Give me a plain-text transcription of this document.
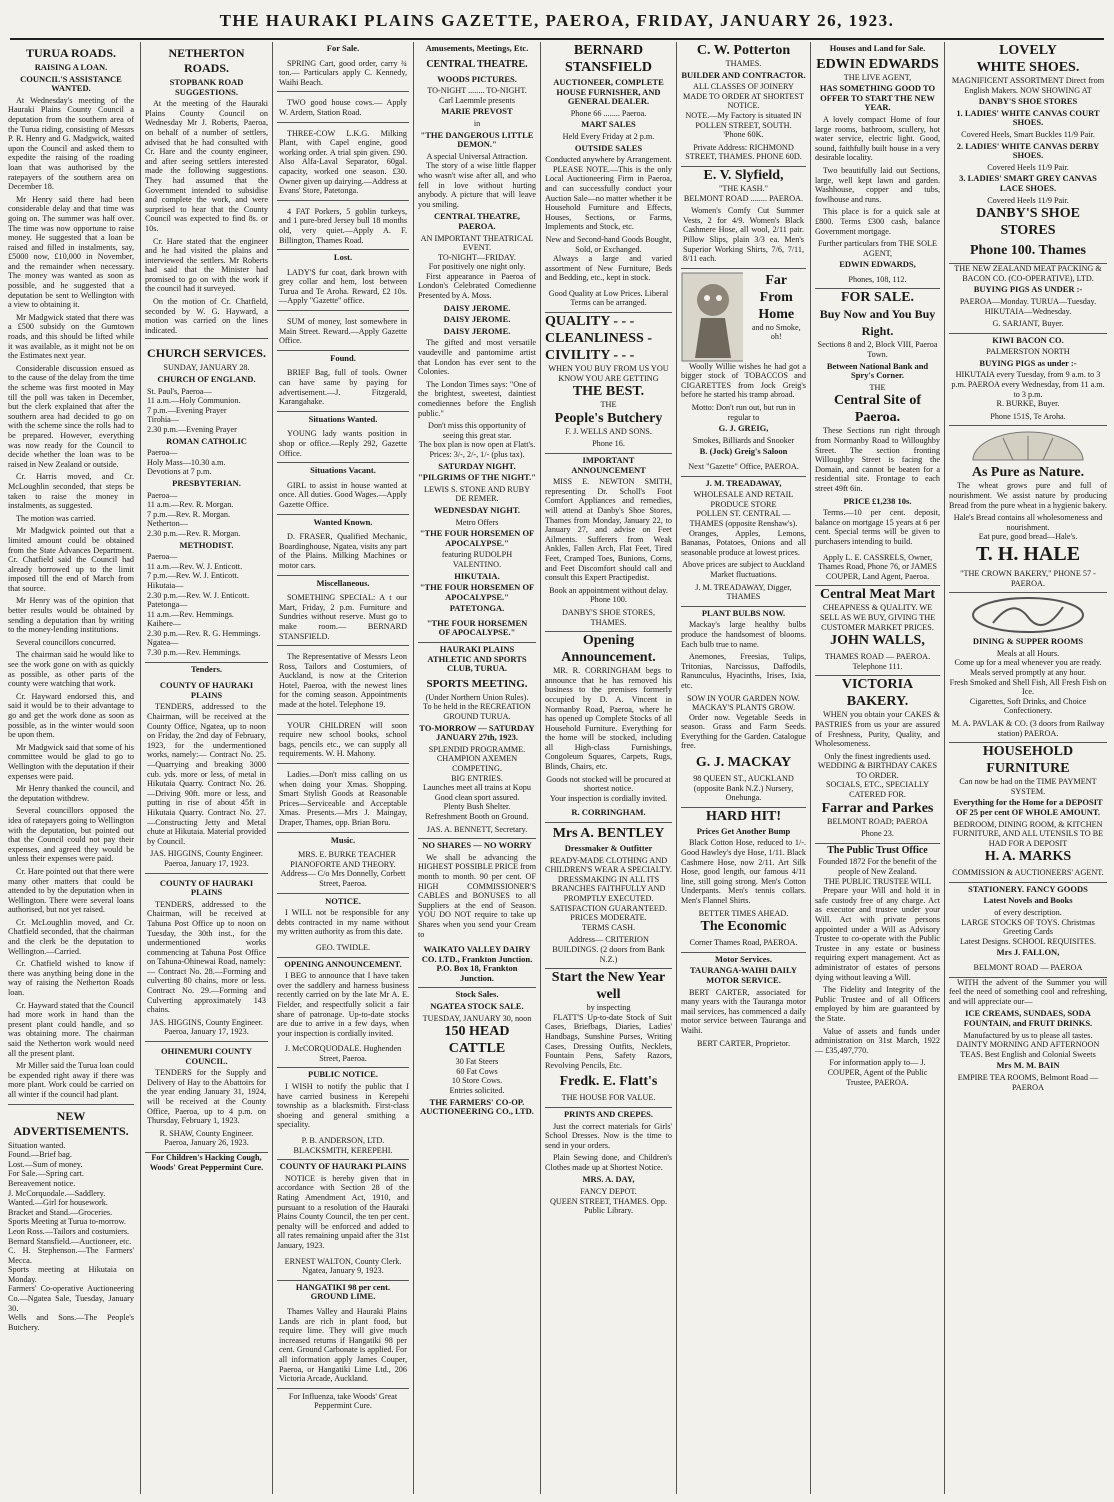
THE HAURAKI PLAINS GAZETTE, PAEROA, FRIDAY, JANUARY 26, 1923.
TURUA ROADS.
RAISING A LOAN.
COUNCIL'S ASSISTANCE WANTED.

At Wednesday's meeting of the Hauraki Plains County Council a deputation from the southern area of the Turua riding, consisting of Messrs P. R. Henry and G. Madgwick, waited upon the Council and asked them to expedite the raising of the roading loan that was authorised by the ratepayers of the southern area on December 18.

Mr Henry said there had been considerable delay and that time was going on. The summer was half over. The time was now opportune to raise money. He suggested that a loan be raised and filled in instalments, say, £5000 now, £10,000 in November, and the remainder when necessary. The money was wanted as soon as possible, and he suggested that a deputation be sent to Wellington with a view to obtaining it.

Mr Madgwick stated that there was a £500 subsidy on the Gumtown roads, and this should be lifted while it was available, as it might not be on the Estimates next year.

Considerable discussion ensued as to the cause of the delay from the time the scheme was first mooted in May till the poll was taken in December, but the clerk explained that after the southern area had decided to go on with the scheme since the rolls had to be prepared. However, everything was now ready for the Council to decide whether the loan was to be raised in New Zealand or outside.

Cr. Harris moved, and Cr. McLoughlin seconded, that steps be taken to raise the money in instalments, as suggested.

The motion was carried.

Mr Madgwick pointed out that a limited amount could be obtained from the State Advances Department. Cr. Chatfield said the Council had already borrowed up to the limit imposed till the end of March from that source.

Mr Henry was of the opinion that better results would be obtained by sending a deputation than by writing to the money-lending institutions.

Several councillors concurred.

The chairman said he would like to see the work gone on with as quickly as possible, as other parts of the county were watching that work.

Cr. Hayward endorsed this, and said it would be to their advantage to go and get the work done as soon as possible, as in the winter would soon be upon them.

Mr Madgwick said that some of his committee would be glad to go to Wellington with the deputation if their expenses were paid.

Mr Henry thanked the council, and the deputation withdrew.

Several councillors opposed the idea of ratepayers going to Wellington with the deputation, but pointed out that the Council could not pay their expenses, and agreed they would be unless their expenses were paid.

Cr. Hare pointed out that there were many other matters that could be attended to by the deputation when in Wellington. There were several loans authorised, but not yet raised.

Cr. McLoughlin moved, and Cr. Chatfield seconded, that the chairman and the clerk be the deputation to Wellington.—Carried.

Cr. Chatfield wished to know if there was anything being done in the way of raising the Netherton Roads loan.

Cr. Hayward stated that the Council had more work in hand than the present plant could handle, and so was obtaining more. The chairman said the Netherton work would need all the present plant.

Mr Miller said the Turua loan could be expended right away if there was more plant. Work could be carried on all winter if the council had plant.

NEW ADVERTISEMENTS.
Situation wanted.
Found.—Brief bag.
Lost.—Sum of money.
For Sale.—Spring cart.
Bereavement notice.
J. McCorquodale.—Saddlery.
Wanted.—Girl for housework.
Bracket and Stand.—Groceries.
Sports Meeting at Turua to-morrow.
Leon Ross.—Tailors and costumiers.
Bernard Stansfield.—Auctioneer, etc.
C. H. Stephenson.—The Farmers' Mecca.
Sports meeting at Hikutaia on Monday.
Farmers' Co-operative Auctioneering Co.—Ngatea Sale, Tuesday, January 30.
Wells and Sons.—The People's Butchery.
NETHERTON ROADS.
STOPBANK ROAD SUGGESTIONS.

At the meeting of the Hauraki Plains County Council on Wednesday Mr J. Roberts, Paeroa, on behalf of a number of settlers, advised that he had consulted with Cr. Hare and the county engineer, and after seeing settlers interested made the following suggestions. They had assumed that the Government intended to subsidise and complete the work, and were surprised to hear that the County Council was expected to find 8s. or 10s.

Cr. Hare stated that the engineer and he had visited the plains and interviewed the settlers. Mr Roberts had said that the Minister had promised to go on with the work if the council had it surveyed.

On the motion of Cr. Chatfield, seconded by W. G. Hayward, a motion was carried on the lines indicated.

CHURCH SERVICES.
SUNDAY, JANUARY 28.
CHURCH OF ENGLAND.
St. Paul's, Paeroa—
11 a.m.—Holy Communion.
7 p.m.—Evening Prayer
Tirohia—
2.30 p.m.—Evening Prayer
ROMAN CATHOLIC
Paeroa—
Holy Mass—10.30 a.m.
Devotions at 7 p.m.
PRESBYTERIAN.
Paeroa—
11 a.m.—Rev. R. Morgan.
7 p.m.—Rev. R. Morgan.
Netherton—
2.30 p.m.—Rev. R. Morgan.
METHODIST.
Paeroa—
11 a.m.—Rev. W. J. Enticott.
7 p.m.—Rev. W. J. Enticott.
Hikutaia—
2.30 p.m.—Rev. W. J. Enticott.
Patetonga—
11 a.m.—Rev. Hemmings.
Kaihere—
2.30 p.m.—Rev. R. G. Hemmings.
Ngatea—
7.30 p.m.—Rev. Hemmings.
Tenders.
COUNTY OF HAURAKI PLAINS

TENDERS, addressed to the Chairman, will be received at the County Office, Ngatea, up to noon on Friday, the 2nd day of February, 1923, for the undermentioned works, namely:— Contract No. 25.—Quarrying and breaking 3000 cub. yds. more or less, of metal in Hikutaia Quarry. Contract No. 26.—Driving 90ft. more or less, and putting in rise of about 45ft in Hikutaia Quarry. Contract No. 27.—Constructing Jetty and Metal chute at Hikutaia. Material provided by Council.

JAS. HIGGINS, County Engineer. Paeroa, January 17, 1923.
COUNTY OF HAURAKI PLAINS

TENDERS, addressed to the Chairman, will be received at Tahuna Post Office up to noon on Tuesday, the 30th inst., for the undermentioned works commencing at Tahuna Post Office on Tahuna-Ohinewai Road, namely:— Contract No. 28.—Forming and culverting 80 chains, more or less. Contract No. 29.—Forming and Culverting approximately 143 chains.

JAS. HIGGINS, County Engineer. Paeroa, January 17, 1923.
OHINEMURI COUNTY COUNCIL.

TENDERS for the Supply and Delivery of Hay to the Abattoirs for the year ending January 31, 1924, will be received at the County Office, Paeroa, up to 4 p.m. on Thursday, February 1, 1923.

R. SHAW, County Engineer. Paeroa, January 26, 1923.
For Children's Hacking Cough, Woods' Great Peppermint Cure.
For Sale.

SPRING Cart, good order, carry ¾ ton.— Particulars apply C. Kennedy, Waihi Beach.

TWO good house cows.— Apply W. Ardern, Station Road.

THREE-COW L.K.G. Milking Plant, with Capel engine, good working order. A trial spin given. £90. Also Alfa-Laval Separator, 60gal. capacity, worked one season. £30. Owner given up dairying.—Address at Evans' Store, Patetonga.

4 FAT Porkers, 5 goblin turkeys, and 1 pure-bred Jersey bull 18 months old, very quiet.—Apply A. F. Billington, Thames Road.

Lost.

LADY'S fur coat, dark brown with grey collar and hem, lost between Turua and Te Aroha. Reward, £2 10s.—Apply "Gazette" office.

SUM of money, lost somewhere in Main Street. Reward.—Apply Gazette Office.

Found.

BRIEF Bag, full of tools. Owner can have same by paying for advertisement.—J. Fitzgerald, Karangahake.

Situations Wanted.

YOUNG lady wants position in shop or office.—Reply 292, Gazette Office.

Situations Vacant.

GIRL to assist in house wanted at once. All duties. Good Wages.—Apply Gazette Office.

Wanted Known.

D. FRASER, Qualified Mechanic, Boardinghouse, Ngatea, visits any part of the Plains. Milking Machines or motor cars.

Miscellaneous.

SOMETHING SPECIAL: A t our Mart, Friday, 2 p.m. Furniture and Sundries without reserve. Must go to make room.— BERNARD STANSFIELD.

The Representative of Messrs Leon Ross, Tailors and Costumiers, of Auckland, is now at the Criterion Hotel, Paeroa, with the newest lines for the coming season. Appointments made at the hotel. Telephone 19.

YOUR CHILDREN will soon require new school books, school bags, pencils etc., we can supply all requirements. W. H. Mahony.

Ladies.—Don't miss calling on us when doing your Xmas. Shopping. Smart Stylish Goods at Reasonable Prices—Serviceable and Acceptable Xmas. Presents.—Mrs J. Maingay, Draper, Thames, opp. Brian Boru.

Music.

MRS. E. BURKE TEACHER PIANOFORTE AND THEORY. Address— C/o Mrs Donnelly, Corbett Street, Paeroa.

NOTICE.

I WILL not be responsible for any debts contracted in my name without my written authority as from this date.

GEO. TWIDLE.
OPENING ANNOUNCEMENT.

I BEG to announce that I have taken over the saddlery and harness business recently carried on by the late Mr A. E. Fielder, and respectfully solicit a fair share of patronage. Up-to-date stocks are due to arrive in a few days, when your inspection is cordially invited.

J. McCORQUODALE. Hughenden Street, Paeroa.
PUBLIC NOTICE.

I WISH to notify the public that I have carried business in Kerepehi township as a blacksmith. First-class shoeing and general smithing a speciality.

P. B. ANDERSON, LTD. BLACKSMITH, KEREPEHI.
COUNTY OF HAURAKI PLAINS

NOTICE is hereby given that in accordance with Section 28 of the Rating Amendment Act, 1910, and pursuant to a resolution of the Hauraki Plains County Council, the ten per cent. penalty will be enforced and added to all rates remaining unpaid after the 31st January, 1923.

ERNEST WALTON, County Clerk. Ngatea, January 9, 1923.
HANGATIKI 98 per cent. GROUND LIME.

Thames Valley and Hauraki Plains Lands are rich in plant food, but require lime. They will give much increased returns if Hangatiki 98 per cent. Ground Carbonate is applied. For all information apply James Couper, Paeroa, or Hangatiki Lime Ltd., 206 Victoria Arcade, Auckland.

For Influenza, take Woods' Great Peppermint Cure.
Amusements, Meetings, Etc.
CENTRAL THEATRE.
WOODS PICTURES.
TO-NIGHT ........ TO-NIGHT.
Carl Laemmle presents
MARIE PREVOST
in
"THE DANGEROUS LITTLE DEMON."
A special Universal Attraction.

The story of a wise little flapper who wasn't wise after all, and who fell in love without hurting anybody. A picture that will leave you smiling.

CENTRAL THEATRE, PAEROA.
AN IMPORTANT THEATRICAL EVENT.
TO-NIGHT—FRIDAY.
For positively one night only.

First appearance in Paeroa of London's Celebrated Comedienne Presented by A. Moss.

DAISY JEROME.
DAISY JEROME.
DAISY JEROME.

The gifted and most versatile vaudeville and pantomime artist that London has ever sent to the Colonies.

The London Times says: "One of the brightest, sweetest, daintiest comediennes before the English public."

Don't miss this opportunity of seeing this great star.
The box plan is now open at Flatt's.
Prices: 3/-, 2/-, 1/- (plus tax).
SATURDAY NIGHT.
"PILGRIMS OF THE NIGHT."
LEWIS S. STONE AND RUBY DE REMER.
WEDNESDAY NIGHT.
Metro Offers
"THE FOUR HORSEMEN OF APOCALYPSE."
featuring RUDOLPH VALENTINO.
HIKUTAIA.
"THE FOUR HORSEMEN OF APOCALYPSE."
PATETONGA.
"THE FOUR HORSEMEN OF APOCALYPSE."
HAURAKI PLAINS ATHLETIC AND SPORTS CLUB, TURUA.
SPORTS MEETING.
(Under Northern Union Rules).
To be held in the RECREATION GROUND TURUA.
TO-MORROW — SATURDAY JANUARY 27th, 1923.
SPLENDID PROGRAMME.
CHAMPION AXEMEN COMPETING.
BIG ENTRIES.
Launches meet all trains at Kopu
Good clean sport assured.
Plenty Bush Shelter.
Refreshment Booth on Ground.
JAS. A. BENNETT, Secretary.
NO SHARES — NO WORRY

We shall be advancing the HIGHEST POSSIBLE PRICE from month to month. 90 per cent. OF HIGH COMMISSIONER'S CABLES and BONUSES to all Suppliers at the end of Season. YOU DO NOT require to take up Shares when you send your Cream to

WAIKATO VALLEY DAIRY CO. LTD., Frankton Junction. P.O. Box 18, Frankton Junction.
Stock Sales.
NGATEA STOCK SALE.
TUESDAY, JANUARY 30, noon
150 HEAD CATTLE
30 Fat Steers
60 Fat Cows
10 Store Cows.
Entries solicited.
THE FARMERS' CO-OP. AUCTIONEERING CO., LTD.
BERNARD STANSFIELD
AUCTIONEER, COMPLETE HOUSE FURNISHER, AND GENERAL DEALER.
Phone 66 ........ Paeroa.
MART SALES
Held Every Friday at 2 p.m.
OUTSIDE SALES
Conducted anywhere by Arrangement.

PLEASE NOTE.—This is the only Local Auctioneering Firm in Paeroa, and can successfully conduct your Auction Sale—no matter whether it be Household Furniture and Effects, Houses, Sections, or Farms, Implements and Stock, etc.

New and Second-hand Goods Bought, Sold, or Exchanged.

Always a large and varied assortment of New Furniture, Beds and Bedding, etc., kept in stock.

Good Quality at Low Prices. Liberal Terms can be arranged.
QUALITY - - -
CLEANLINESS -
CIVILITY - - -
WHEN YOU BUY FROM US YOU KNOW YOU ARE GETTING
THE BEST.
THE
People's Butchery
F. J. WELLS AND SONS.
Phone 16.
IMPORTANT ANNOUNCEMENT

MISS E. NEWTON SMITH, representing Dr. Scholl's Foot Comfort Appliances and remedies, will attend at Danby's Shoe Stores, Thames from Monday, January 22, to January 27, and advise on Feet Ailments. Sufferers from Weak Ankles, Fallen Arch, Flat Feet, Tired Feet, Cramped Toes, Bunions, Corns, and Feet Discomfort should call and consult this Expert Practipedist.

Book an appointment without delay.
Phone 100.
DANBY'S SHOE STORES, THAMES.
Opening Announcement.

MR. R. CORRINGHAM begs to announce that he has removed his business to the premises formerly occupied by D. A. Vincent in Normanby Road, Paeroa, where he has opened up Complete Stocks of all Household Furniture. Everything for the home will be stocked, including all High-class Furnishings, Congoleum Squares, Carpets, Rugs, Blinds, Chairs, etc.

Goods not stocked will be procured at shortest notice.
Your inspection is cordially invited.
R. CORRINGHAM.
Mrs A. BENTLEY
Dressmaker & Outfitter
READY-MADE CLOTHING AND CHILDREN'S WEAR A SPECIALTY.
DRESSMAKING IN ALL ITS BRANCHES FAITHFULLY AND PROMPTLY EXECUTED.
SATISFACTION GUARANTEED.
PRICES MODERATE.
TERMS CASH.
Address— CRITERION BUILDINGS. (2 doors from Bank N.Z.)
Start the New Year well
by inspecting

FLATT'S Up-to-date Stock of Suit Cases, Briefbags, Diaries, Ladies' Handbags, Sunshine Purses, Writing Cases, Dressing Outfits, Necklets, Fountain Pens, Safety Razors, Revolving Pencils, Etc.

Fredk. E. Flatt's
THE HOUSE FOR VALUE.
PRINTS AND CREPES.

Just the correct materials for Girls' School Dresses. Now is the time to send in your orders.

Plain Sewing done, and Children's Clothes made up at Shortest Notice.

MRS. A. DAY,
FANCY DEPOT.
QUEEN STREET, THAMES. Opp. Public Library.
C. W. Potterton
THAMES.
BUILDER AND CONTRACTOR.
ALL CLASSES OF JOINERY MADE TO ORDER AT SHORTEST NOTICE.
NOTE.—My Factory is situated IN POLLEN STREET, SOUTH.
'Phone 60K.
Private Address: RICHMOND STREET, THAMES. PHONE 60D.
E. V. Slyfield,
"THE KASH."
BELMONT ROAD ........ PAEROA.

Women's Comfy Cut Summer Vests, 2 for 4/9. Women's Black Cashmere Hose, all wool, 2/11 pair. Pillow Slips, plain 3/3 ea. Men's Superior Working Shirts, 7/6, 7/11, 8/11 each.

Far
From
Home
and no Smoke, oh!

Woolly Willie wishes he had got a bigger stock of TOBACCOS and CIGARETTES from Jock Greig's before he started his tramp abroad.

Motto: Don't run out, but run in regular to
G. J. GREIG,
Smokes, Billiards and Snooker
B. (Jock) Greig's Saloon
Next "Gazette" Office, PAEROA.
J. M. TREADAWAY,
WHOLESALE AND RETAIL PRODUCE STORE
POLLEN ST. CENTRAL — THAMES (opposite Renshaw's).

Oranges, Apples, Lemons, Bananas, Potatoes, Onions and all seasonable produce at lowest prices.

Above prices are subject to Auckland Market fluctuations.
J. M. TREADAWAY, Digger, THAMES
PLANT BULBS NOW.

Mackay's large healthy bulbs produce the handsomest of blooms. Each bulb true to name.

Anemones, Freesias, Tulips, Tritonias, Narcissus, Daffodils, Ranunculus, Hyacinths, Irises, Ixia, etc.

SOW IN YOUR GARDEN NOW.
MACKAY'S PLANTS GROW.

Order now. Vegetable Seeds in season. Grass and Farm Seeds. Everything for the Garden. Catalogue free.

G. J. MACKAY
98 QUEEN ST., AUCKLAND (opposite Bank N.Z.) Nursery, Onehunga.
HARD HIT!
Prices Get Another Bump

Black Cotton Hose, reduced to 1/-. Good Hawley's dye Hose, 1/11. Black Cashmere Hose, now 2/11. Art Silk Hose, good length, our famous 4/11 line, still going strong. Men's Cotton Underpants. Men's tennis collars. Men's Flannel Shirts.

BETTER TIMES AHEAD.
The Economic
Corner Thames Road, PAEROA.
Motor Services.
TAURANGA-WAIHI DAILY MOTOR SERVICE.

BERT CARTER, associated for many years with the Tauranga motor mail services, has commenced a daily motor service between Tauranga and Waihi.

BERT CARTER, Proprietor.
Houses and Land for Sale.
EDWIN EDWARDS
THE LIVE AGENT,
HAS SOMETHING GOOD TO OFFER TO START THE NEW YEAR.

A lovely compact Home of four large rooms, bathroom, scullery, hot water service, electric light. Good, sound, faithfully built house in a very desirable locality.

Two beautifully laid out Sections, large, well kept lawn and garden. Washhouse, copper and tubs, fowlhouse and runs.

This place is for a quick sale at £800. Terms £300 cash, balance Government mortgage.

Further particulars from THE SOLE AGENT,
EDWIN EDWARDS,
Phones, 108, 112.
FOR SALE.
Buy Now and You Buy Right.
Sections 8 and 2, Block VIII, Paeroa Town.
Between National Bank and Spry's Corner.
THE
Central Site of Paeroa.

These Sections run right through from Normanby Road to Willoughby Street. The section fronting Willoughby Street is facing the Domain, and cannot be beaten for a residential site. Frontage to each street 49ft 6in.

PRICE £1,238 10s.

Terms.—10 per cent. deposit, balance on mortgage 15 years at 6 per cent. Special terms will be given to purchasers intending to build.

Apply L. E. CASSRELS, Owner, Thames Road, Phone 76, or JAMES COUPER, Land Agent, Paeroa.
Central Meat Mart
CHEAPNESS & QUALITY. WE SELL AS WE BUY, GIVING THE CUSTOMER MARKET PRICES.
JOHN WALLS,
THAMES ROAD — PAEROA. Telephone 111.
VICTORIA BAKERY.

WHEN you obtain your CAKES & PASTRIES from us your are assured of Freshness, Purity, Quality, and Wholesomeness.

Only the finest ingredients used.
WEDDING & BIRTHDAY CAKES TO ORDER.
SOCIALS, ETC., SPECIALLY CATERED FOR.
Farrar and Parkes
BELMONT ROAD; PAEROA
Phone 23.
The Public Trust Office
Founded 1872 For the benefit of the people of New Zealand.
THE PUBLIC TRUSTEE WILL

Prepare your Will and hold it in safe custody free of any charge. Act as executor and trustee under your Will. Act with private persons appointed under a Will as Advisory Trustee to co-operate with the Public Trustee in any estate or business requiring expert management. Act as administrator of estates of persons dying without leaving a Will.

The Fidelity and Integrity of the Public Trustee and of all Officers employed by him are guaranteed by the State.

Value of assets and funds under administration on 31st March, 1922— £35,497,770.

For information apply to— J. COUPER, Agent of the Public Trustee, PAEROA.
LOVELY
WHITE SHOES.
MAGNIFICENT ASSORTMENT Direct from English Makers. NOW SHOWING AT
DANBY'S SHOE STORES
1. LADIES' WHITE CANVAS COURT SHOES.
Covered Heels, Smart Buckles 11/9 Pair.
2. LADIES' WHITE CANVAS DERBY SHOES.
Covered Heels 11/9 Pair.
3. LADIES' SMART GREY CANVAS LACE SHOES.
Covered Heels 11/9 Pair.
DANBY'S SHOE STORES
Phone 100. Thames
THE NEW ZEALAND MEAT PACKING & BACON CO. (CO-OPERATIVE), LTD.
BUYING PIGS AS UNDER :-
PAEROA—Monday. TURUA—Tuesday. HIKUTAIA—Wednesday.
G. SARJANT, Buyer.
KIWI BACON CO.
PALMERSTON NORTH
BUYING PIGS as under :-
HIKUTAIA every Tuesday, from 9 a.m. to 3 p.m. PAEROA every Wednesday, from 11 a.m. to 3 p.m.
R. BURKE, Buyer.
Phone 151S, Te Aroha.
As Pure as Nature.

The wheat grows pure and full of nourishment. We assist nature by producing Bread from the pure wheat in a hygienic bakery.

Hale's Bread contains all wholesomeness and nourishment.
Eat pure, good bread—Hale's.
T. H. HALE
"THE CROWN BAKERY," PHONE 57 - PAEROA.
DINING & SUPPER ROOMS
Meals at all Hours.
Come up for a meal whenever you are ready. Meals served promptly at any hour.
Fresh Smoked and Shell Fish, All Fresh Fish on Ice.
Cigarettes, Soft Drinks, and Choice Confectionery.
M. A. PAVLAK & CO. (3 doors from Railway station) PAEROA.
HOUSEHOLD FURNITURE
Can now be had on the TIME PAYMENT SYSTEM.
Everything for the Home for a DEPOSIT OF 25 per cent OF WHOLE AMOUNT.
BEDROOM, DINING ROOM, & KITCHEN FURNITURE, AND ALL UTENSILS TO BE HAD FOR A DEPOSIT
H. A. MARKS
COMMISSION & AUCTIONEERS' AGENT.
STATIONERY. FANCY GOODS
Latest Novels and Books
of every description.
LARGE STOCKS OF TOYS. Christmas Greeting Cards
Latest Designs. SCHOOL REQUISITES.
Mrs J. FALLON,
BELMONT ROAD — PAEROA

WITH the advent of the Summer you will feel the need of something cool and refreshing, and will appreciate our—

ICE CREAMS, SUNDAES, SODA FOUNTAIN, and FRUIT DRINKS.
Manufactured by us to please all tastes.
DAINTY MORNING AND AFTERNOON TEAS. Best English and Colonial Sweets
Mrs M. M. BAIN
EMPIRE TEA ROOMS, Belmont Road — PAEROA
